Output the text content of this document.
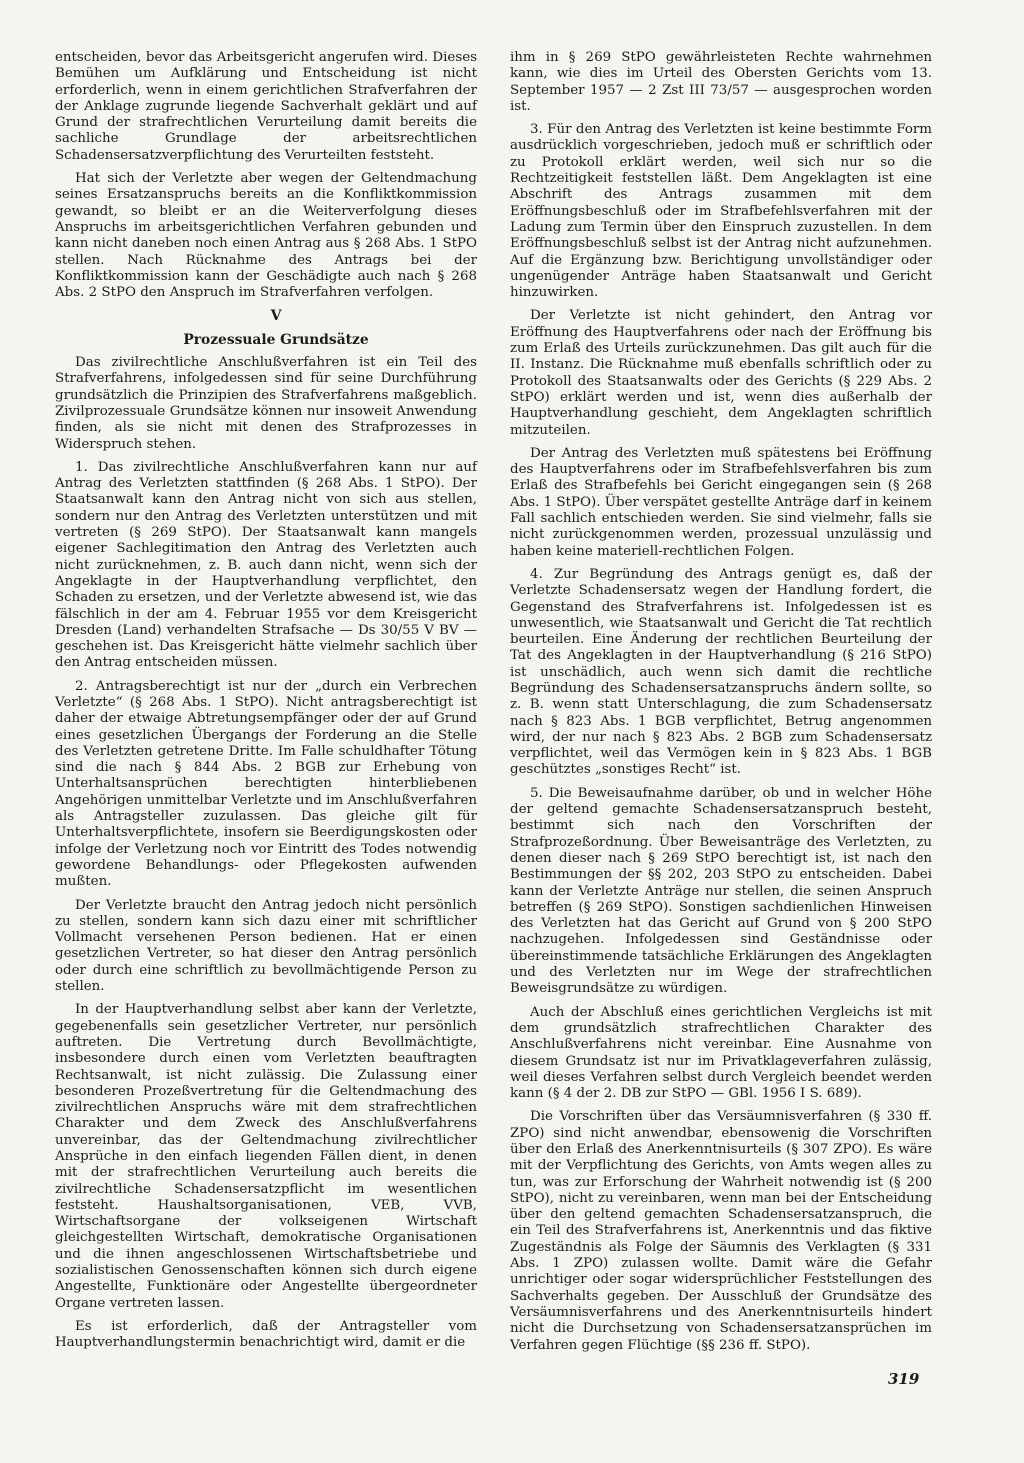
entscheiden, bevor das Arbeitsgericht angerufen wird. Dieses Bemühen um Aufklärung und Entscheidung ist nicht erforderlich, wenn in einem gerichtlichen Strafverfahren der der Anklage zugrunde liegende Sachverhalt geklärt und auf Grund der strafrechtlichen Verurteilung damit bereits die sachliche Grundlage der arbeitsrechtlichen Schadensersatzverpflichtung des Verurteilten feststeht.

Hat sich der Verletzte aber wegen der Geltendmachung seines Ersatzanspruchs bereits an die Konfliktkommission gewandt, so bleibt er an die Weiterverfolgung dieses Anspruchs im arbeitsgerichtlichen Verfahren gebunden und kann nicht daneben noch einen Antrag aus § 268 Abs. 1 StPO stellen. Nach Rücknahme des Antrags bei der Konfliktkommission kann der Geschädigte auch nach § 268 Abs. 2 StPO den Anspruch im Strafverfahren verfolgen.

V

Prozessuale Grundsätze

Das zivilrechtliche Anschlußverfahren ist ein Teil des Strafverfahrens, infolgedessen sind für seine Durchführung grundsätzlich die Prinzipien des Strafverfahrens maßgeblich. Zivilprozessuale Grundsätze können nur insoweit Anwendung finden, als sie nicht mit denen des Strafprozesses in Widerspruch stehen.

1. Das zivilrechtliche Anschlußverfahren kann nur auf Antrag des Verletzten stattfinden (§ 268 Abs. 1 StPO). Der Staatsanwalt kann den Antrag nicht von sich aus stellen, sondern nur den Antrag des Verletzten unterstützen und mit vertreten (§ 269 StPO). Der Staatsanwalt kann mangels eigener Sachlegitimation den Antrag des Verletzten auch nicht zurücknehmen, z. B. auch dann nicht, wenn sich der Angeklagte in der Hauptverhandlung verpflichtet, den Schaden zu ersetzen, und der Verletzte abwesend ist, wie das fälschlich in der am 4. Februar 1955 vor dem Kreisgericht Dresden (Land) verhandelten Strafsache — Ds 30/55 V BV — geschehen ist. Das Kreisgericht hätte vielmehr sachlich über den Antrag entscheiden müssen.

2. Antragsberechtigt ist nur der „durch ein Verbrechen Verletzte“ (§ 268 Abs. 1 StPO). Nicht antragsberechtigt ist daher der etwaige Abtretungsempfänger oder der auf Grund eines gesetzlichen Übergangs der Forderung an die Stelle des Verletzten getretene Dritte. Im Falle schuldhafter Tötung sind die nach § 844 Abs. 2 BGB zur Erhebung von Unterhaltsansprüchen berechtigten hinterbliebenen Angehörigen unmittelbar Verletzte und im Anschlußverfahren als Antragsteller zuzulassen. Das gleiche gilt für Unterhaltsverpflichtete, insofern sie Beerdigungskosten oder infolge der Verletzung noch vor Eintritt des Todes notwendig gewordene Behandlungs- oder Pflegekosten aufwenden mußten.

Der Verletzte braucht den Antrag jedoch nicht persönlich zu stellen, sondern kann sich dazu einer mit schriftlicher Vollmacht versehenen Person bedienen. Hat er einen gesetzlichen Vertreter, so hat dieser den Antrag persönlich oder durch eine schriftlich zu bevollmächtigende Person zu stellen.

In der Hauptverhandlung selbst aber kann der Verletzte, gegebenenfalls sein gesetzlicher Vertreter, nur persönlich auftreten. Die Vertretung durch Bevollmächtigte, insbesondere durch einen vom Verletzten beauftragten Rechtsanwalt, ist nicht zulässig. Die Zulassung einer besonderen Prozeßvertretung für die Geltendmachung des zivilrechtlichen Anspruchs wäre mit dem strafrechtlichen Charakter und dem Zweck des Anschlußverfahrens unvereinbar, das der Geltendmachung zivilrechtlicher Ansprüche in den einfach liegenden Fällen dient, in denen mit der strafrechtlichen Verurteilung auch bereits die zivilrechtliche Schadensersatzpflicht im wesentlichen feststeht. Haushaltsorganisationen, VEB, VVB, Wirtschaftsorgane der volkseigenen Wirtschaft gleichgestellten Wirtschaft, demokratische Organisationen und die ihnen angeschlossenen Wirtschaftsbetriebe und sozialistischen Genossenschaften können sich durch eigene Angestellte, Funktionäre oder Angestellte übergeordneter Organe vertreten lassen.

Es ist erforderlich, daß der Antragsteller vom Hauptverhandlungstermin benachrichtigt wird, damit er die

ihm in § 269 StPO gewährleisteten Rechte wahrnehmen kann, wie dies im Urteil des Obersten Gerichts vom 13. September 1957 — 2 Zst III 73/57 — ausgesprochen worden ist.

3. Für den Antrag des Verletzten ist keine bestimmte Form ausdrücklich vorgeschrieben, jedoch muß er schriftlich oder zu Protokoll erklärt werden, weil sich nur so die Rechtzeitigkeit feststellen läßt. Dem Angeklagten ist eine Abschrift des Antrags zusammen mit dem Eröffnungsbeschluß oder im Strafbefehlsverfahren mit der Ladung zum Termin über den Einspruch zuzustellen. In dem Eröffnungsbeschluß selbst ist der Antrag nicht aufzunehmen. Auf die Ergänzung bzw. Berichtigung unvollständiger oder ungenügender Anträge haben Staatsanwalt und Gericht hinzuwirken.

Der Verletzte ist nicht gehindert, den Antrag vor Eröffnung des Hauptverfahrens oder nach der Eröffnung bis zum Erlaß des Urteils zurückzunehmen. Das gilt auch für die II. Instanz. Die Rücknahme muß ebenfalls schriftlich oder zu Protokoll des Staatsanwalts oder des Gerichts (§ 229 Abs. 2 StPO) erklärt werden und ist, wenn dies außerhalb der Hauptverhandlung geschieht, dem Angeklagten schriftlich mitzuteilen.

Der Antrag des Verletzten muß spätestens bei Eröffnung des Hauptverfahrens oder im Strafbefehlsverfahren bis zum Erlaß des Strafbefehls bei Gericht eingegangen sein (§ 268 Abs. 1 StPO). Über verspätet gestellte Anträge darf in keinem Fall sachlich entschieden werden. Sie sind vielmehr, falls sie nicht zurückgenommen werden, prozessual unzulässig und haben keine materiell-rechtlichen Folgen.

4. Zur Begründung des Antrags genügt es, daß der Verletzte Schadensersatz wegen der Handlung fordert, die Gegenstand des Strafverfahrens ist. Infolgedessen ist es unwesentlich, wie Staatsanwalt und Gericht die Tat rechtlich beurteilen. Eine Änderung der rechtlichen Beurteilung der Tat des Angeklagten in der Hauptverhandlung (§ 216 StPO) ist unschädlich, auch wenn sich damit die rechtliche Begründung des Schadensersatzanspruchs ändern sollte, so z. B. wenn statt Unterschlagung, die zum Schadensersatz nach § 823 Abs. 1 BGB verpflichtet, Betrug angenommen wird, der nur nach § 823 Abs. 2 BGB zum Schadensersatz verpflichtet, weil das Vermögen kein in § 823 Abs. 1 BGB geschütztes „sonstiges Recht“ ist.

5. Die Beweisaufnahme darüber, ob und in welcher Höhe der geltend gemachte Schadensersatzanspruch besteht, bestimmt sich nach den Vorschriften der Strafprozeßordnung. Über Beweisanträge des Verletzten, zu denen dieser nach § 269 StPO berechtigt ist, ist nach den Bestimmungen der §§ 202, 203 StPO zu entscheiden. Dabei kann der Verletzte Anträge nur stellen, die seinen Anspruch betreffen (§ 269 StPO). Sonstigen sachdienlichen Hinweisen des Verletzten hat das Gericht auf Grund von § 200 StPO nachzugehen. Infolgedessen sind Geständnisse oder übereinstimmende tatsächliche Erklärungen des Angeklagten und des Verletzten nur im Wege der strafrechtlichen Beweisgrundsätze zu würdigen.

Auch der Abschluß eines gerichtlichen Vergleichs ist mit dem grundsätzlich strafrechtlichen Charakter des Anschlußverfahrens nicht vereinbar. Eine Ausnahme von diesem Grundsatz ist nur im Privatklageverfahren zulässig, weil dieses Verfahren selbst durch Vergleich beendet werden kann (§ 4 der 2. DB zur StPO — GBl. 1956 I S. 689).

Die Vorschriften über das Versäumnisverfahren (§ 330 ff. ZPO) sind nicht anwendbar, ebensowenig die Vorschriften über den Erlaß des Anerkenntnisurteils (§ 307 ZPO). Es wäre mit der Verpflichtung des Gerichts, von Amts wegen alles zu tun, was zur Erforschung der Wahrheit notwendig ist (§ 200 StPO), nicht zu vereinbaren, wenn man bei der Entscheidung über den geltend gemachten Schadensersatzanspruch, die ein Teil des Strafverfahrens ist, Anerkenntnis und das fiktive Zugeständnis als Folge der Säumnis des Verklagten (§ 331 Abs. 1 ZPO) zulassen wollte. Damit wäre die Gefahr unrichtiger oder sogar widersprüchlicher Feststellungen des Sachverhalts gegeben. Der Ausschluß der Grundsätze des Versäumnisverfahrens und des Anerkenntnisurteils hindert nicht die Durchsetzung von Schadensersatzansprüchen im Verfahren gegen Flüchtige (§§ 236 ff. StPO).

319
